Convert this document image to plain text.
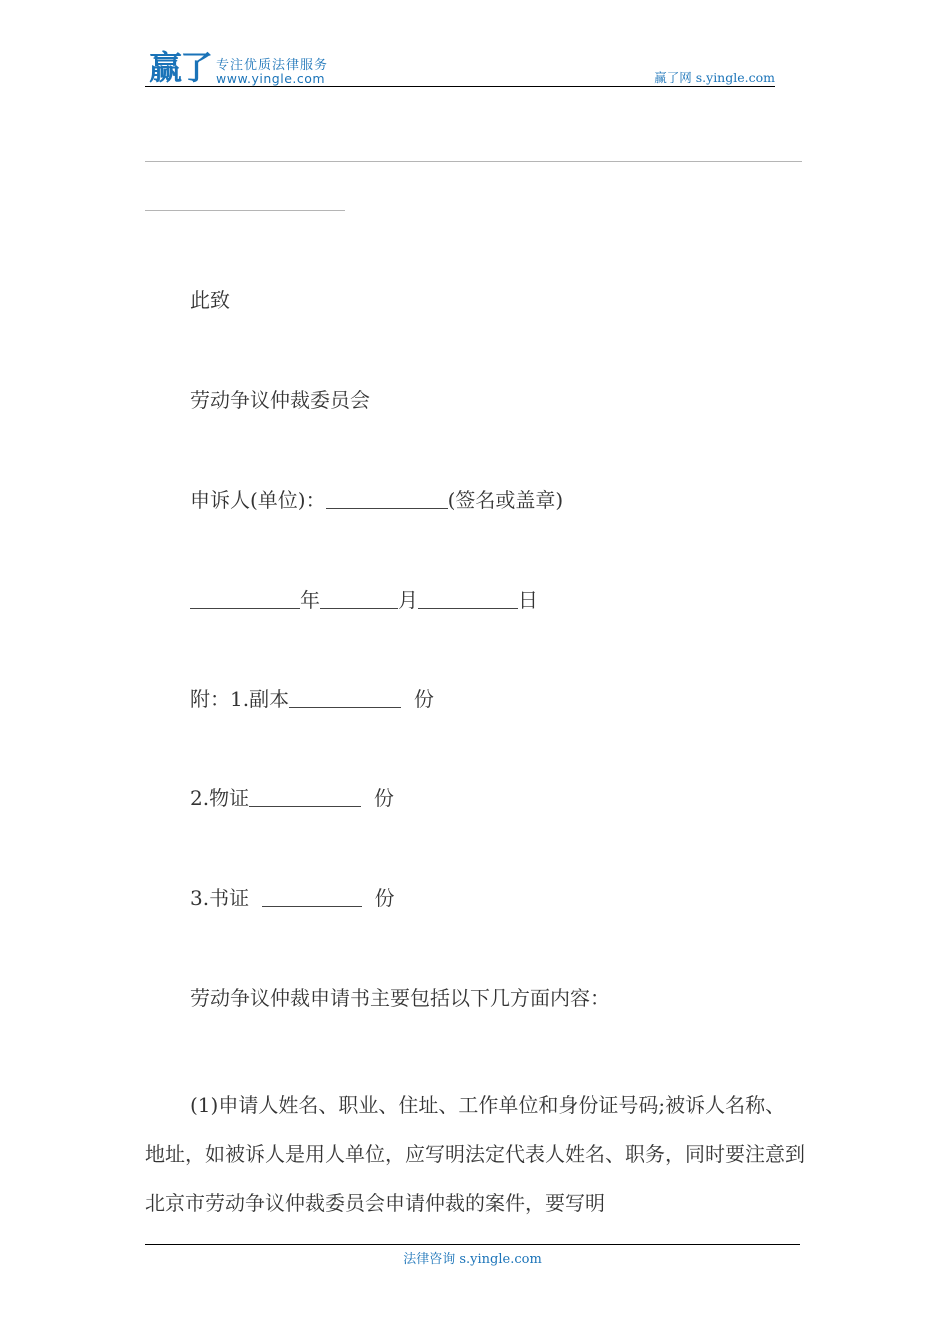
赢了 专注优质法律服务
www.yingle.com	赢了网 s.yingle.com
此致
劳动争议仲裁委员会
申诉人(单位)：	(签名或盖章)
年	月	日
附：1.副本	份
2.物证	份
3.书证	份
劳动争议仲裁申请书主要包括以下几方面内容：
(1)申请人姓名、职业、住址、工作单位和身份证号码;被诉人名称、地址，如被诉人是用人单位，应写明法定代表人姓名、职务，同时要注意到北京市劳动争议仲裁委员会申请仲裁的案件，要写明
法律咨询 s.yingle.com
